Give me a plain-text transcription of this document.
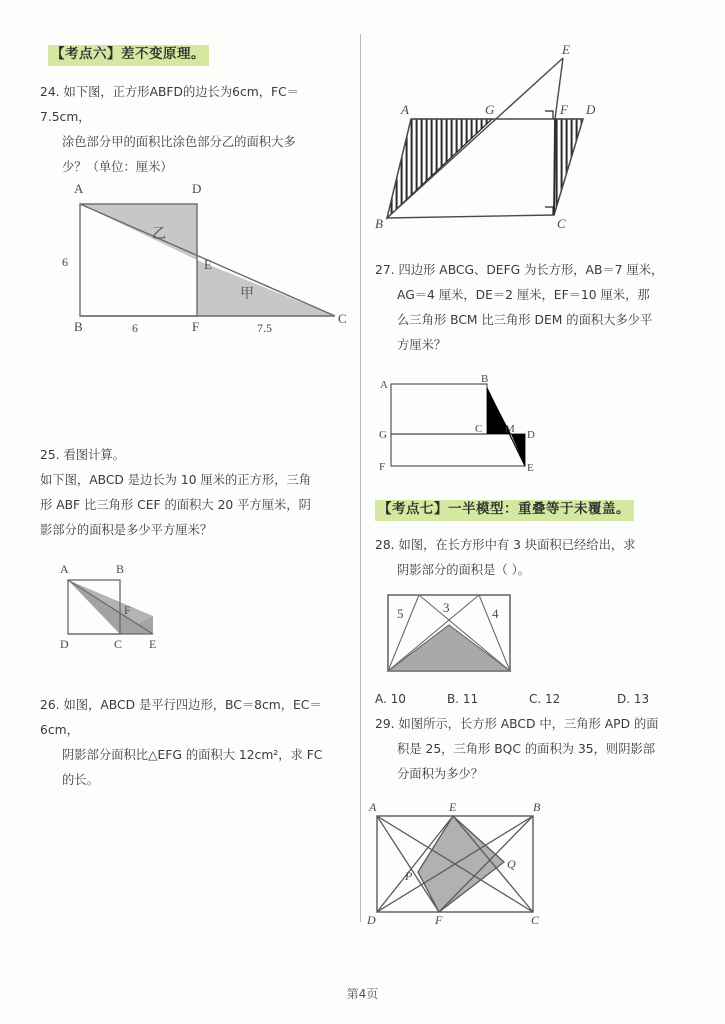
【考点六】差不变原理。
24. 如下图，正方形ABFD的边长为6cm，FC＝7.5cm，
涂色部分甲的面积比涂色部分乙的面积大多
少？（单位：厘米）
A	D
B	F
C
E
6
6	7.5
乙
甲
25. 看图计算。
如下图，ABCD 是边长为 10 厘米的正方形，三角
形 ABF 比三角形 CEF 的面积大 20 平方厘米，阴
影部分的面积是多少平方厘米？
A	B
D	C E
F
26. 如图，ABCD 是平行四边形，BC＝8cm，EC＝6cm，
阴影部分面积比△EFG 的面积大 12cm²，求 FC
的长。
A	G	F D
E
B	C
27. 四边形 ABCG、DEFG 为长方形，AB＝7 厘米，
AG＝4 厘米，DE＝2 厘米，EF＝10 厘米，那
么三角形 BCM 比三角形 DEM 的面积大多少平
方厘米？
A	B
C
G	M D
F	E
【考点七】一半模型：重叠等于未覆盖。
28. 如图，在长方形中有 3 块面积已经给出，求
阴影部分的面积是（ ）。
5	3	4
A. 10	B. 11	C. 12	D. 13
29. 如图所示，长方形 ABCD 中，三角形 APD 的面
积是 25，三角形 BQC 的面积为 35，则阴影部
分面积为多少？
A	E	B
D	F	C
P
Q
第4页
